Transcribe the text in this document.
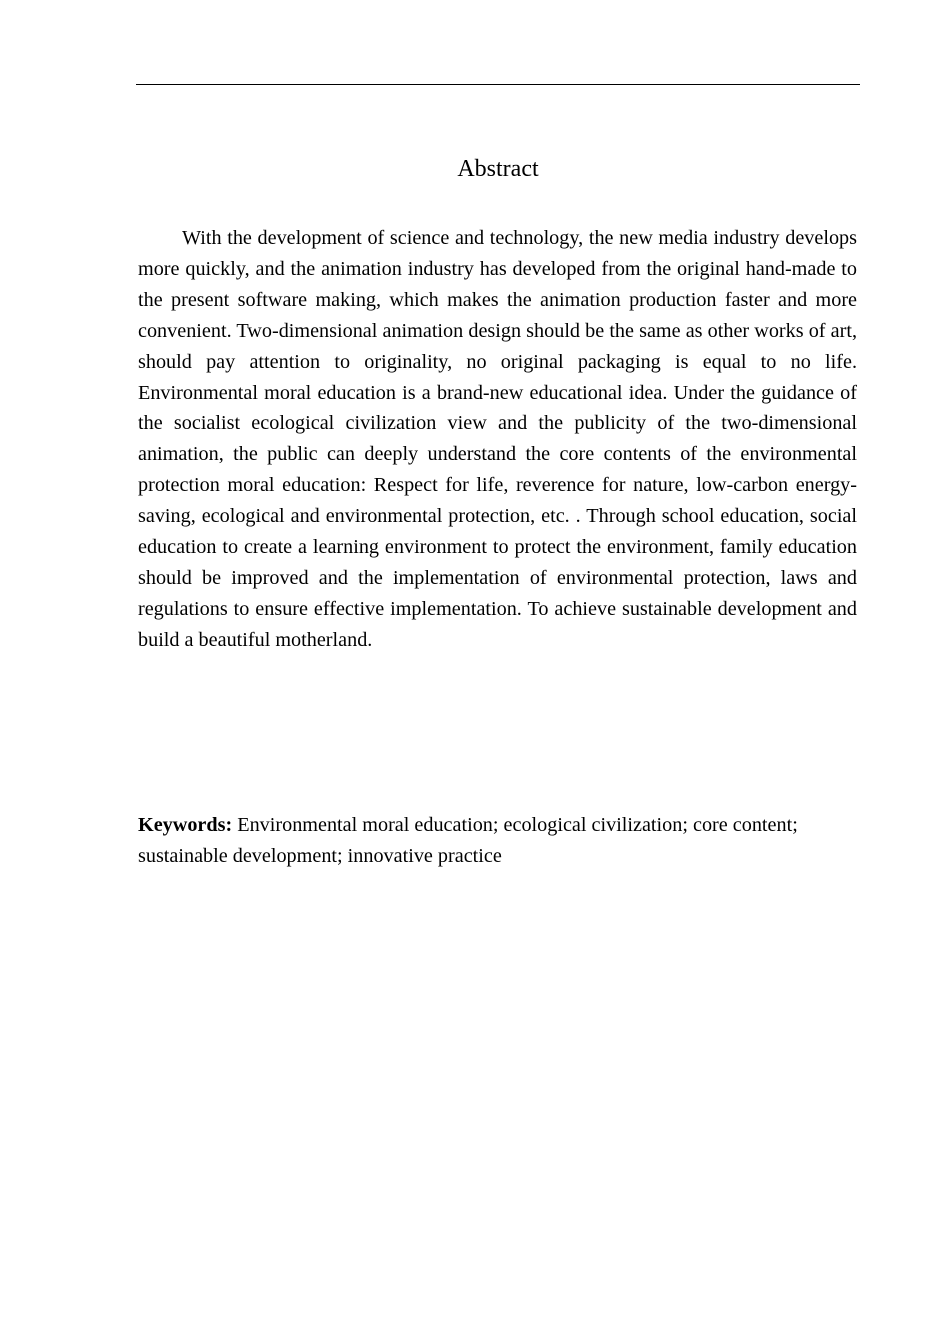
Abstract

With the development of science and technology, the new media industry develops more quickly, and the animation industry has developed from the original hand-made to the present software making, which makes the animation production faster and more convenient. Two-dimensional animation design should be the same as other works of art, should pay attention to originality, no original packaging is equal to no life. Environmental moral education is a brand-new educational idea. Under the guidance of the socialist ecological civilization view and the publicity of the two-dimensional animation, the public can deeply understand the core contents of the environmental protection moral education: Respect for life, reverence for nature, low-carbon energy-saving, ecological and environmental protection, etc. . Through school education, social education to create a learning environment to protect the environment, family education should be improved and the implementation of environmental protection, laws and regulations to ensure effective implementation. To achieve sustainable development and build a beautiful motherland.

Keywords: Environmental moral education; ecological civilization; core content; sustainable development; innovative practice
